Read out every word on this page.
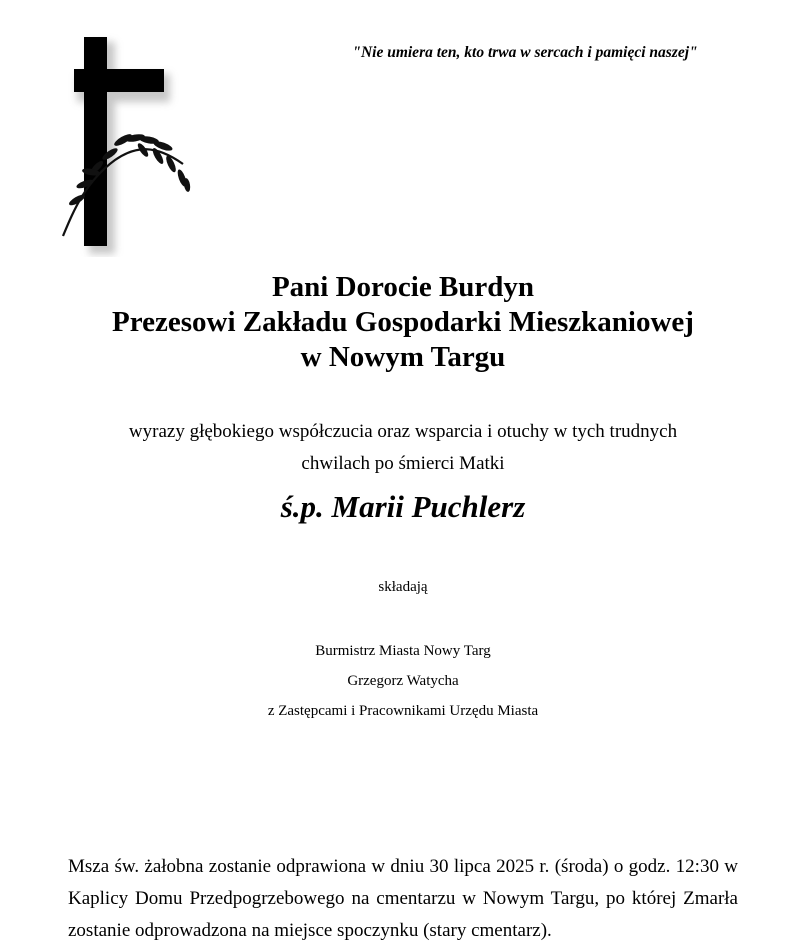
"Nie umiera ten, kto trwa w sercach i pamięci naszej"
Pani Dorocie Burdyn
Prezesowi Zakładu Gospodarki Mieszkaniowej
w Nowym Targu
wyrazy głębokiego współczucia oraz wsparcia i otuchy w tych trudnych
chwilach po śmierci Matki
ś.p. Marii Puchlerz
składają
Burmistrz Miasta Nowy Targ
Grzegorz Watycha
z Zastępcami i Pracownikami Urzędu Miasta
Msza św. żałobna zostanie odprawiona w dniu 30 lipca 2025 r. (środa) o godz. 12:30 w Kaplicy Domu Przedpogrzebowego na cmentarzu w Nowym Targu, po której Zmarła zostanie odprowadzona na miejsce spoczynku (stary cmentarz).
